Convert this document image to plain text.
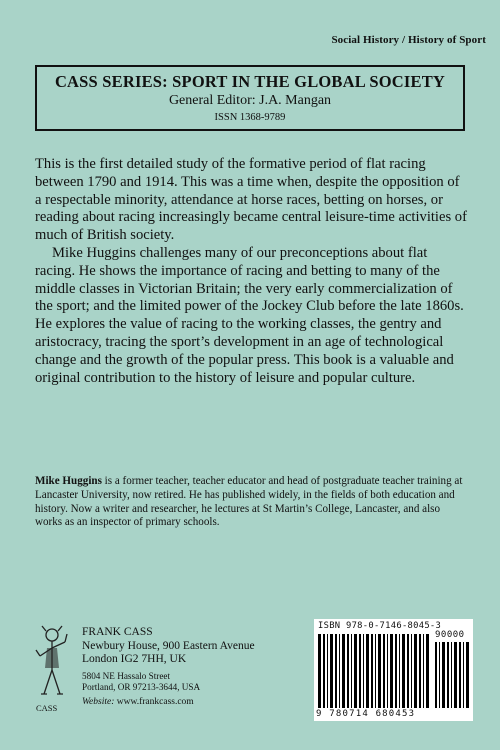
Social History / History of Sport
CASS SERIES: SPORT IN THE GLOBAL SOCIETY
General Editor: J.A. Mangan
ISSN 1368-9789

This is the first detailed study of the formative period of flat racing between 1790 and 1914. This was a time when, despite the opposition of a respectable minority, attendance at horse races, betting on horses, or reading about racing increasingly became central leisure-time activities of much of British society.

Mike Huggins challenges many of our preconceptions about flat racing. He shows the importance of racing and betting to many of the middle classes in Victorian Britain; the very early commercialization of the sport; and the limited power of the Jockey Club before the late 1860s. He explores the value of racing to the working classes, the gentry and aristocracy, tracing the sport’s development in an age of technological change and the growth of the popular press. This book is a valuable and original contribution to the history of leisure and popular culture.

Mike Huggins is a former teacher, teacher educator and head of postgraduate teacher training at Lancaster University, now retired. He has published widely, in the fields of both education and history. Now a writer and researcher, he lectures at St Martin’s College, Lancaster, and also works as an inspector of primary schools.
CASS
FRANK CASS
Newbury House, 900 Eastern Avenue
London IG2 7HH, UK
5804 NE Hassalo Street
Portland, OR 97213-3644, USA
Website: www.frankcass.com
ISBN 978-0-7146-8045-3
90000
9 780714 680453
